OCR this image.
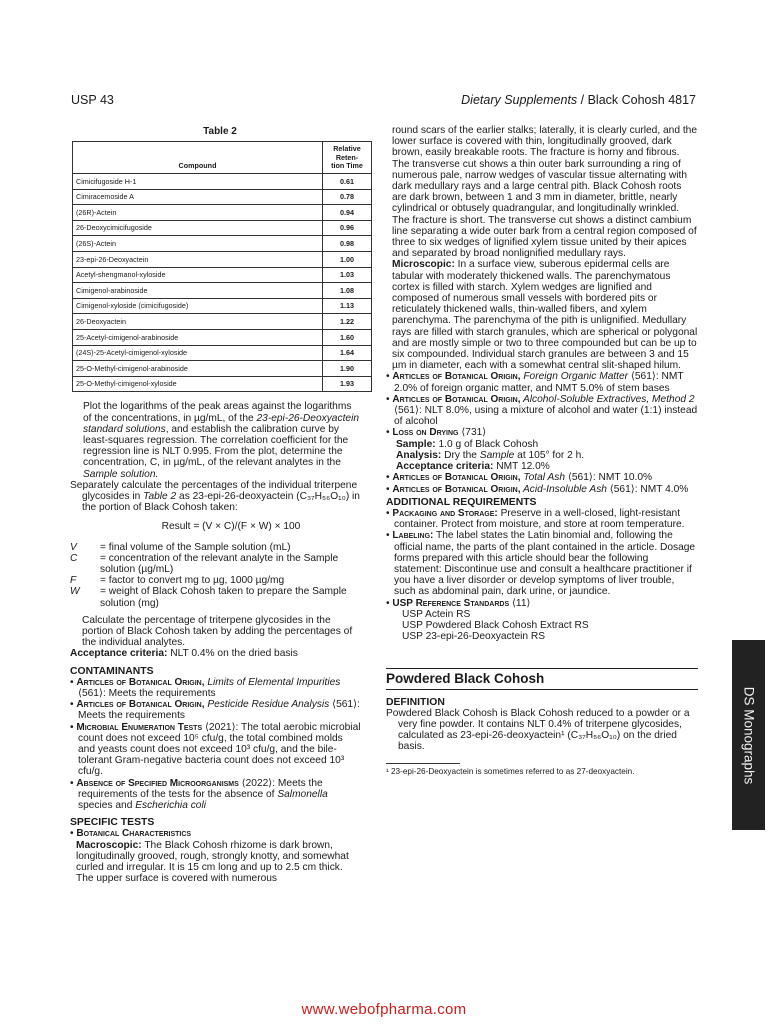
USP 43	Dietary Supplements / Black Cohosh 4817
Table 2
Compound	Relative
Reten-
tion Time
Cimicifugoside H-1	0.61
Cimiracemoside A	0.78
(26R)-Actein	0.94
26-Deoxycimicifugoside	0.96
(26S)-Actein	0.98
23-epi-26-Deoxyactein	1.00
Acetyl-shengmanol-xyloside	1.03
Cimigenol-arabinoside	1.08
Cimigenol-xyloside (cimicifugoside)	1.13
26-Deoxyactein	1.22
25-Acetyl-cimigenol-arabinoside	1.60
(24S)-25-Acetyl-cimigenol-xyloside	1.64
25-O-Methyl-cimigenol-arabinoside	1.90
25-O-Methyl-cimigenol-xyloside	1.93

Plot the logarithms of the peak areas against the logarithms of the concentrations, in µg/mL, of the 23-epi-26-Deoxyactein standard solutions, and establish the calibration curve by least-squares regression. The correlation coefficient for the regression line is NLT 0.995. From the plot, determine the concentration, C, in µg/mL, of the relevant analytes in the Sample solution.

Separately calculate the percentages of the individual triterpene glycosides in Table 2 as 23-epi-26-deoxyactein (C₃₇H₅₆O₁₀) in the portion of Black Cohosh taken:

Result = (V × C)/(F × W) × 100
V	= final volume of the Sample solution (mL)
C	= concentration of the relevant analyte in the Sample solution (µg/mL)
F	= factor to convert mg to µg, 1000 µg/mg
W	= weight of Black Cohosh taken to prepare the Sample solution (mg)

Calculate the percentage of triterpene glycosides in the portion of Black Cohosh taken by adding the percentages of the individual analytes.

Acceptance criteria: NLT 0.4% on the dried basis

CONTAMINANTS

• Articles of Botanical Origin, Limits of Elemental Impurities ⟨561⟩: Meets the requirements

• Articles of Botanical Origin, Pesticide Residue Analysis ⟨561⟩: Meets the requirements

• Microbial Enumeration Tests ⟨2021⟩: The total aerobic microbial count does not exceed 10⁵ cfu/g, the total combined molds and yeasts count does not exceed 10³ cfu/g, and the bile-tolerant Gram-negative bacteria count does not exceed 10³ cfu/g.

• Absence of Specified Microorganisms ⟨2022⟩: Meets the requirements of the tests for the absence of Salmonella species and Escherichia coli

SPECIFIC TESTS

• Botanical Characteristics

Macroscopic: The Black Cohosh rhizome is dark brown, longitudinally grooved, rough, strongly knotty, and somewhat curled and irregular. It is 15 cm long and up to 2.5 cm thick. The upper surface is covered with numerous

round scars of the earlier stalks; laterally, it is clearly curled, and the lower surface is covered with thin, longitudinally grooved, dark brown, easily breakable roots. The fracture is horny and fibrous. The transverse cut shows a thin outer bark surrounding a ring of numerous pale, narrow wedges of vascular tissue alternating with dark medullary rays and a large central pith. Black Cohosh roots are dark brown, between 1 and 3 mm in diameter, brittle, nearly cylindrical or obtusely quadrangular, and longitudinally wrinkled. The fracture is short. The transverse cut shows a distinct cambium line separating a wide outer bark from a central region composed of three to six wedges of lignified xylem tissue united by their apices and separated by broad nonlignified medullary rays.

Microscopic: In a surface view, suberous epidermal cells are tabular with moderately thickened walls. The parenchymatous cortex is filled with starch. Xylem wedges are lignified and composed of numerous small vessels with bordered pits or reticulately thickened walls, thin-walled fibers, and xylem parenchyma. The parenchyma of the pith is unlignified. Medullary rays are filled with starch granules, which are spherical or polygonal and are mostly simple or two to three compounded but can be up to six compounded. Individual starch granules are between 3 and 15 µm in diameter, each with a somewhat central slit-shaped hilum.

• Articles of Botanical Origin, Foreign Organic Matter ⟨561⟩: NMT 2.0% of foreign organic matter, and NMT 5.0% of stem bases

• Articles of Botanical Origin, Alcohol-Soluble Extractives, Method 2 ⟨561⟩: NLT 8.0%, using a mixture of alcohol and water (1:1) instead of alcohol

• Loss on Drying ⟨731⟩

Sample: 1.0 g of Black Cohosh

Analysis: Dry the Sample at 105° for 2 h.

Acceptance criteria: NMT 12.0%

• Articles of Botanical Origin, Total Ash ⟨561⟩: NMT 10.0%

• Articles of Botanical Origin, Acid-Insoluble Ash ⟨561⟩: NMT 4.0%

ADDITIONAL REQUIREMENTS

• Packaging and Storage: Preserve in a well-closed, light-resistant container. Protect from moisture, and store at room temperature.

• Labeling: The label states the Latin binomial and, following the official name, the parts of the plant contained in the article. Dosage forms prepared with this article should bear the following statement: Discontinue use and consult a healthcare practitioner if you have a liver disorder or develop symptoms of liver trouble, such as abdominal pain, dark urine, or jaundice.

• USP Reference Standards ⟨11⟩

USP Actein RS

USP Powdered Black Cohosh Extract RS

USP 23-epi-26-Deoxyactein RS

Powdered Black Cohosh
DEFINITION

Powdered Black Cohosh is Black Cohosh reduced to a powder or a very fine powder. It contains NLT 0.4% of triterpene glycosides, calculated as 23-epi-26-deoxyactein¹ (C₃₇H₅₆O₁₀) on the dried basis.

¹ 23-epi-26-Deoxyactein is sometimes referred to as 27-deoxyactein.	DS Monographs
www.webofpharma.com
